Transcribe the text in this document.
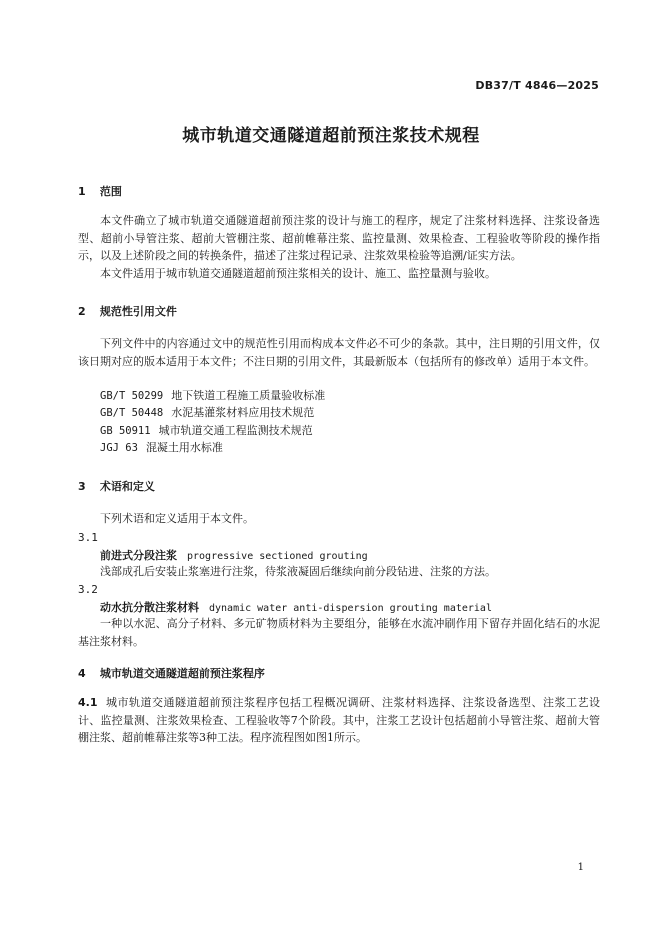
DB37/T 4846—2025
城市轨道交通隧道超前预注浆技术规程
1 范围
本文件确立了城市轨道交通隧道超前预注浆的设计与施工的程序，规定了注浆材料选择、注浆设备选型、超前小导管注浆、超前大管棚注浆、超前帷幕注浆、监控量测、效果检查、工程验收等阶段的操作指示，以及上述阶段之间的转换条件，描述了注浆过程记录、注浆效果检验等追溯/证实方法。
本文件适用于城市轨道交通隧道超前预注浆相关的设计、施工、监控量测与验收。
2 规范性引用文件
下列文件中的内容通过文中的规范性引用而构成本文件必不可少的条款。其中，注日期的引用文件，仅该日期对应的版本适用于本文件；不注日期的引用文件，其最新版本（包括所有的修改单）适用于本文件。
GB/T 50299 地下铁道工程施工质量验收标准
GB/T 50448 水泥基灌浆材料应用技术规范
GB 50911 城市轨道交通工程监测技术规范
JGJ 63 混凝土用水标准
3 术语和定义
下列术语和定义适用于本文件。
3.1
前进式分段注浆 progressive sectioned grouting
浅部成孔后安装止浆塞进行注浆，待浆液凝固后继续向前分段钻进、注浆的方法。
3.2
动水抗分散注浆材料 dynamic water anti-dispersion grouting material
一种以水泥、高分子材料、多元矿物质材料为主要组分，能够在水流冲刷作用下留存并固化结石的水泥基注浆材料。
4 城市轨道交通隧道超前预注浆程序
4.1 城市轨道交通隧道超前预注浆程序包括工程概况调研、注浆材料选择、注浆设备选型、注浆工艺设计、监控量测、注浆效果检查、工程验收等7个阶段。其中，注浆工艺设计包括超前小导管注浆、超前大管棚注浆、超前帷幕注浆等3种工法。程序流程图如图1所示。
1
